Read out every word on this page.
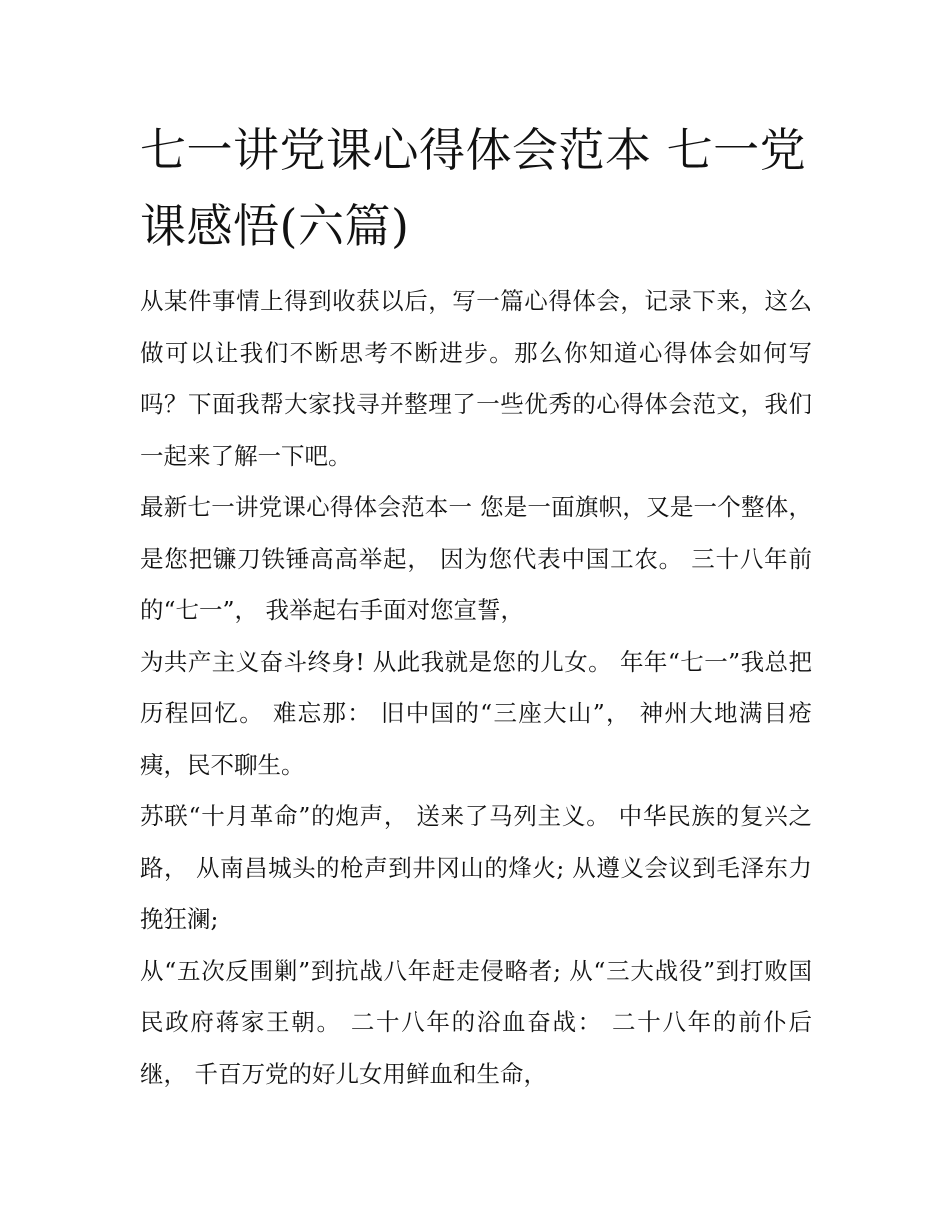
七一讲党课心得体会范本 七一党课感悟(六篇)

从某件事情上得到收获以后，写一篇心得体会，记录下来，这么做可以让我们不断思考不断进步。那么你知道心得体会如何写吗？下面我帮大家找寻并整理了一些优秀的心得体会范文，我们一起来了解一下吧。

最新七一讲党课心得体会范本一 您是一面旗帜，又是一个整体， 是您把镰刀铁锤高高举起， 因为您代表中国工农。 三十八年前的“七一”， 我举起右手面对您宣誓，

为共产主义奋斗终身! 从此我就是您的儿女。 年年“七一”我总把历程回忆。 难忘那： 旧中国的“三座大山”， 神州大地满目疮痍，民不聊生。

苏联“十月革命”的炮声， 送来了马列主义。 中华民族的复兴之路， 从南昌城头的枪声到井冈山的烽火; 从遵义会议到毛泽东力挽狂澜;

从“五次反围剿”到抗战八年赶走侵略者; 从“三大战役”到打败国民政府蒋家王朝。 二十八年的浴血奋战： 二十八年的前仆后继， 千百万党的好儿女用鲜血和生命，
